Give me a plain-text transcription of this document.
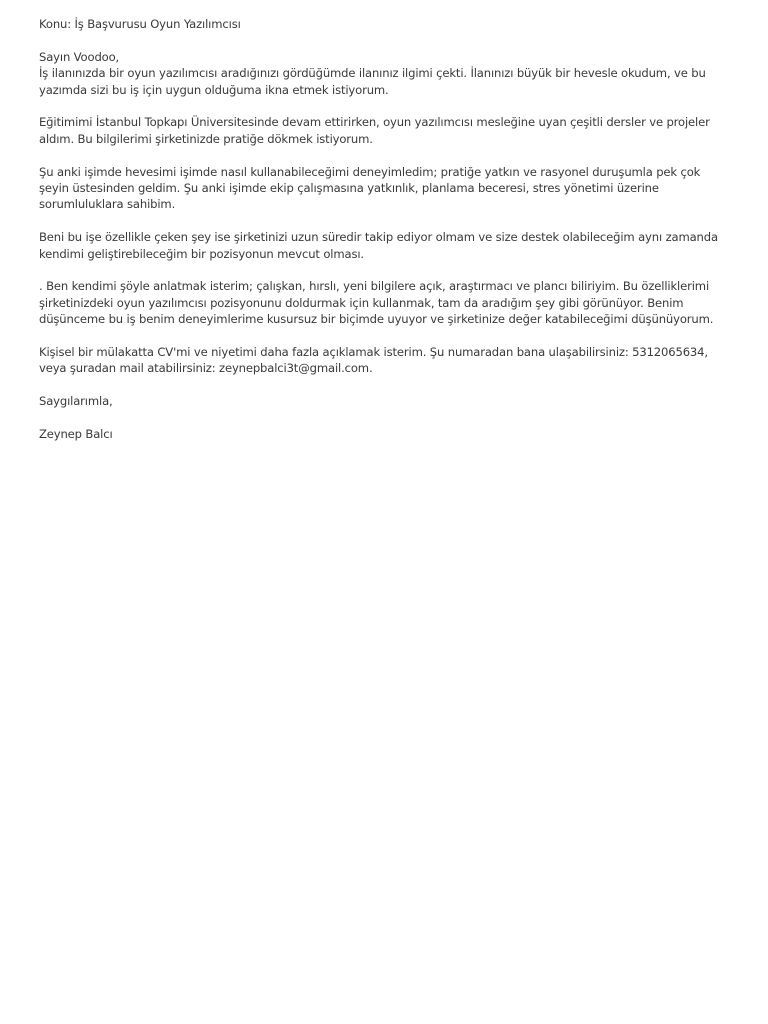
Konu: İş Başvurusu Oyun Yazılımcısı

Sayın Voodoo,
İş ilanınızda bir oyun yazılımcısı aradığınızı gördüğümde ilanınız ilgimi çekti. İlanınızı büyük bir hevesle okudum, ve bu yazımda sizi bu iş için uygun olduğuma ikna etmek istiyorum.

Eğitimimi İstanbul Topkapı Üniversitesinde devam ettirirken, oyun yazılımcısı mesleğine uyan çeşitli dersler ve projeler aldım. Bu bilgilerimi şirketinizde pratiğe dökmek istiyorum.

Şu anki işimde hevesimi işimde nasıl kullanabileceğimi deneyimledim; pratiğe yatkın ve rasyonel duruşumla pek çok şeyin üstesinden geldim. Şu anki işimde ekip çalışmasına yatkınlık, planlama beceresi, stres yönetimi üzerine sorumluluklara sahibim.

Beni bu işe özellikle çeken şey ise şirketinizi uzun süredir takip ediyor olmam ve size destek olabileceğim aynı zamanda kendimi geliştirebileceğim bir pozisyonun mevcut olması.

. Ben kendimi şöyle anlatmak isterim; çalışkan, hırslı, yeni bilgilere açık, araştırmacı ve plancı biliriyim. Bu özelliklerimi şirketinizdeki oyun yazılımcısı pozisyonunu doldurmak için kullanmak, tam da aradığım şey gibi görünüyor. Benim düşünceme bu iş benim deneyimlerime kusursuz bir biçimde uyuyor ve şirketinize değer katabileceğimi düşünüyorum.

Kişisel bir mülakatta CV'mi ve niyetimi daha fazla açıklamak isterim. Şu numaradan bana ulaşabilirsiniz: 5312065634, veya şuradan mail atabilirsiniz: zeynepbalci3t@gmail.com.

Saygılarımla,

Zeynep Balcı
